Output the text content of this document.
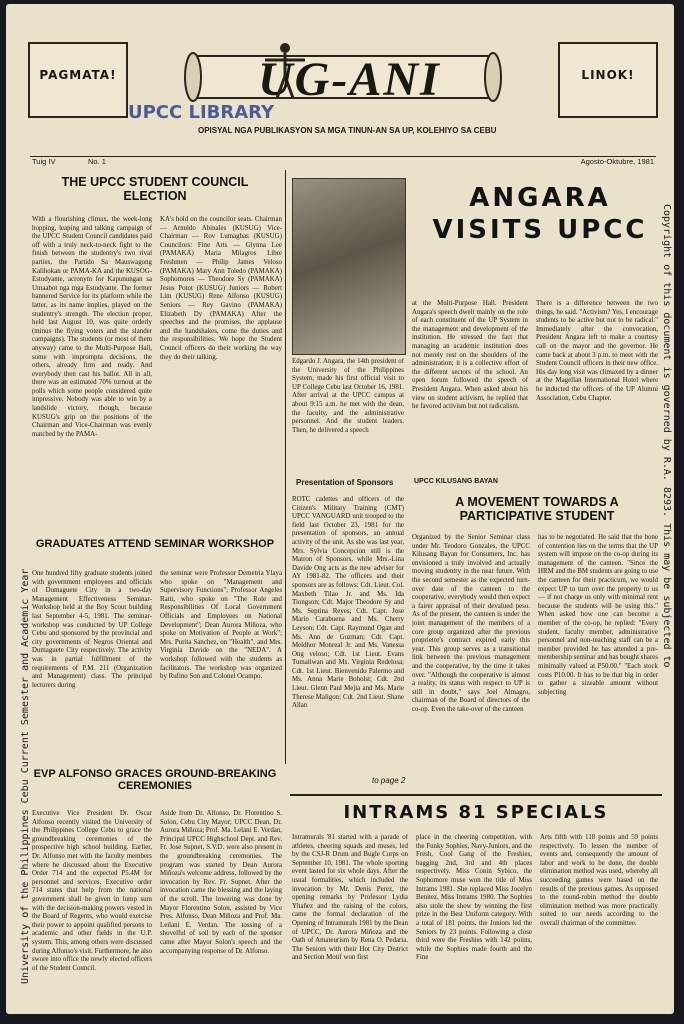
PAGMATA!	LINOK!
UG-ANI
UPCC LIBRARY
OPISYAL NGA PUBLIKASYON SA MGA TINUN-AN SA UP, KOLEHIYO SA CEBU
Tuig IV	No. 1	Agosto-Oktubre, 1981
THE UPCC STUDENT COUNCIL ELECTION
With a flourishing climax, the week-long hopping, leaping and talking campaign of the UPCC Student Council candidates paid off with a truly neck-to-neck fight to the finish between the studentry's two rival parties, the Partido Sa Mauswagong Kalihokan or PAMA-KA and the KUSOG-Estudyante, acronym for Kapunungan sa Umaabot nga mga Estudyante. The former bannered Service for its platform while the latter, as its name implies, played on the studentry's strength. The election proper, held last August 10, was quite orderly (minus the flying voters and the slander campaigns). The students (or most of them anyway) came to the Multi-Purpose Hall, some with impromptu decisions, the others, already firm and ready. And everybody then cast his ballot. All in all, there was an estimated 70% turnout at the polls which some people considered quite impressive. Nobody was able to win by a landslide victory, though, because KUSUG's grip on the positions of the Chairman and Vice-Chairman was evenly matched by the PAMA-
KA's hold on the councilor seats. Chairman — Arnuldo Abinales (KUSUG) Vice-Chairman — Rov Lumagbas (KUSUG) Councilors: Fine Arts — Glynna Lee (PAMAKA) Maria Milagros Libre Freshmen — Philip James Veloso (PAMAKA) Mary Ann Toledo (PAMAKA) Sophomores — Theodore Sy (PAMAKA) Jesus Potot (KUSUG) Juniors — Robert Lim (KUSUG) Rene Alfonso (KUSUG) Seniors — Rey Gavino (PAMAKA) Elizabeth Dy (PAMAKA) After the speeches and the promises, the applause and the handshakes, come the duties and the responsibilities. We hope the Student Council officers do their working the way they do their talking.
GRADUATES ATTEND SEMINAR WORKSHOP
One hundred fifty graduate students joined with government employees and officials of Dumaguete City in a two-day Management Effectiveness Seminar-Workshop held at the Boy Scout building last September 4-5, 1981. The seminar-workshop was conducted by UP College Cebu and sponsored by the provincial and city governments of Negros Oriental and Dumaguete City respectively. The activity was in partial fulfillment of the requirements of P.M. 211 (Organization and Management) class. The principal lecturers during
the seminar were Professor Demetria Ylaya who spoke on "Management and Supervisory Functions"; Professor Angeles Ratti, who spoke on "The Role and Responsibilities Of Local Government Officials and Employees on National Development"; Dean Aurora Miñoza, who spoke on Motivation of People at Work"; Mrs. Purita Sanchez, on "Health", and Mrs. Virginia Davide on the "NEDA". A workshop followed with the students as facilitators. The workshop was organized by Rufino Son and Colonel Ocampo.
EVP ALFONSO GRACES GROUND-BREAKING CEREMONIES
Executive Vice President Dr. Oscar Alfonso recently visited the University of the Philippines College Cebu to grace the groundbreaking ceremonies of the prospective high school building. Earlier, Dr. Alfonso met with the faculty members where he discussed about the Executive Order 714 and the expected P5.4M for personnel and services. Executive order 714 states that help from the national government shall be given in lump sum with the decision-making powers vested in the Board of Regents, who would exercise their power to appoint qualified persons to academic and other fields in the U.P. system. This, among others were discussed during Alfonso's visit. Furthermore, he also swore into office the newly elected officers of the Student Council.
Aside from Dr. Alfonso, Dr. Florentino S. Solon, Cebu City Mayor; UPCC Dean, Dr. Aurora Miñoza; Prof. Ma. Lelani E. Verdan, Principal UPCC Highschool Dept. and Rev. Fr. Jose Supnet, S.V.D. were also present in the groundbreaking ceremonies. The program was started by Dean Aurora Miñoza's welcome address, followed by the invocation by Rev. Fr. Supnet. After the invocation came the blessing and the laying of the scroll. The lowering was done by Mayor Florentino Solon, assisted by Vice Pres. Alfonso, Dean Miñoza and Prof. Ma. Leilani E. Verdan. The tossing of a shovelful of soil by each of the sponsor came after Mayor Solon's speech and the accompanying response of Dr. Alfonso.
ANGARA VISITS UPCC
Edgardo J. Angara, the 14th president of the University of the Philippines System, made his first official visit to UP College Cebu last October 16, 1981. After arrival at the UPCC campus at about 9:15 a.m. he met with the dean, the faculty, and the administrative personnel. And the student leaders. Then, he delivered a speech
at the Multi-Purpose Hall. President Angara's speech dwelt mainly on the role of each constituent of the UP System in the management and development of the institution. He stressed the fact that managing an academic institution does not merely rest on the shoulders of the administration; it is a collective effort of the different sectors of the school. An open forum followed the speech of President Angara. When asked about his view on student activism, he replied that he favored activism but not radicalism.
There is a difference between the two things, he said. "Activism? Yes, I encourage students to be active but not to be radical." Immediately after the convocation, President Angara left to make a courtesy call on the mayor and the governor. He came back at about 3 p.m. to meet with the Student Council officers in their new office. His day long visit was climaxed by a dinner at the Magellan International Hotel where he inducted the officers of the UP Alumni Association, Cebu Chapter.
Presentation of Sponsors
ROTC cadettes and officers of the Citizen's Military Training (CMT) UPCC VANGUARD unit trooped to the field last October 23, 1981 for the presentation of sponsors, an annual activity of the unit. As she was last year, Mrs. Sylvia Concepcion still is the Matron of Sponsors, while Mrs.-Lina Davide Ong acts as the new adviser for AY 1981-82. The officers and their sponsors are as follows: Cdt. Lieut. Col. Maxbeth Tilao Jr. and Ms. Ida Tiongson; Cdt. Major Theodore Sy and Ms. Septina Reyes; Cdt. Capt. Jose Mario Carabuena and Ms. Cherry Leyson; Cdt. Capt. Raymund Ogan and Ms. Ann de Guzman; Cdt. Capt. Meldhor Monreal Jr. and Ms. Vanessa Ong veloso; Cdt. 1st Lieut. Evans Tumaliwan and Ms. Virginia Redelosa; Cdt. 1st Lieut. Bienvenido Palermo and Ms. Anna Marie Boholst; Cdt. 2nd Lieut. Glenn Paul Mejia and Ms. Marie Therese Maligon; Cdt. 2nd Lieut. Shane Allan
to page 2
UPCC KILUSANG BAYAN
A MOVEMENT TOWARDS A PARTICIPATIVE STUDENT
Organized by the Senior Seminar class under Mr. Teodoro Gonzales, the UPCC Kilusang Bayan for Consumers, Inc. has envisioned a truly involved and actually moving studentry in the near future. With the second semester as the expected turn-over date of the canteen to the cooperative, everybody would then expect a fairer appraisal of their devalued peso. As of the present, the canteen is under the joint management of the members of a core group organized after the previous proprietor's contract expired early this year. This group serves as a transitional link between the previous management and the cooperative, by the time it takes over. "Although the cooperative is almost a reality, its status with respect to UP is still in doubt," says Joel Almagro, chairman of the Board of directors of the co-op. Even the take-over of the canteen
has to be negotiated. He said that the bone of contention lies on the terms that the UP system will impose on the co-op during its management of the canteen. "Since the HRM and the BM students are going to use the canteen for their practicum, we would expect UP to turn over the property to us — if not charge us only with minimal rent because the students will be using this." When asked how one can become a member of the co-op, he replied: "Every student, faculty member, administrative personnel and non-teaching staff can be a member provided he has attended a pre-membership seminar and has bought shares minimally valued at P50.00." "Each stock costs P10.00. It has to be that big in order to gather a sizeable amount without subjecting
INTRAMS 81 SPECIALS
Intramurals '81 started with a parade of athletes, cheering squads and muses, led by the CSJ-R Drum and Bugle Corps on September 10, 1981. The whole sporting event lasted for six whole days. After the usual formalities, which included the invocation by Mr. Denis Perez, the opening remarks by Professor Lydia Yhañez and the raising of the colors, came the formal declaration of the Opening of Intramurals 1981 by the Dean of UPCC, Dr. Aurora Miñoza and the Oath of Amateurism by Rena O. Pedaria. The Seniors with their Hot City District and Section Motif won first
place in the cheering competition, with the Funky Sophies, Navy-Juniors, and the Fresh, Cool Gang of the Freshies, bagging 2nd, 3rd and 4th places respectively. Miss Conin Sybico, the Sophomore muse won the title of Miss Intrams 1981. She replaced Miss Jocelyn Benitez, Miss Intrams 1980. The Sophies also stole the show by winning the first prize in the Best Uniform category. With a total of 181 points, the Juniors led the Seniors by 23 points. Following a close third were the Freshies with 142 points, while the Sophies made fourth and the Fine
Arts fifth with 118 points and 59 points respectively. To lessen the number of events and, consequently the amount of labor and work to be done, the double elimination method was used, whereby all succeeding games were based on the results of the previous games. As opposed to the round-robin method the double elimination method was more practically suited to our needs according to the overall chairman of the committee.
University of the Philippines Cebu Current Semester and Academic Year
Copyright of this document is governed by R.A. 8293. This may be subjected to
